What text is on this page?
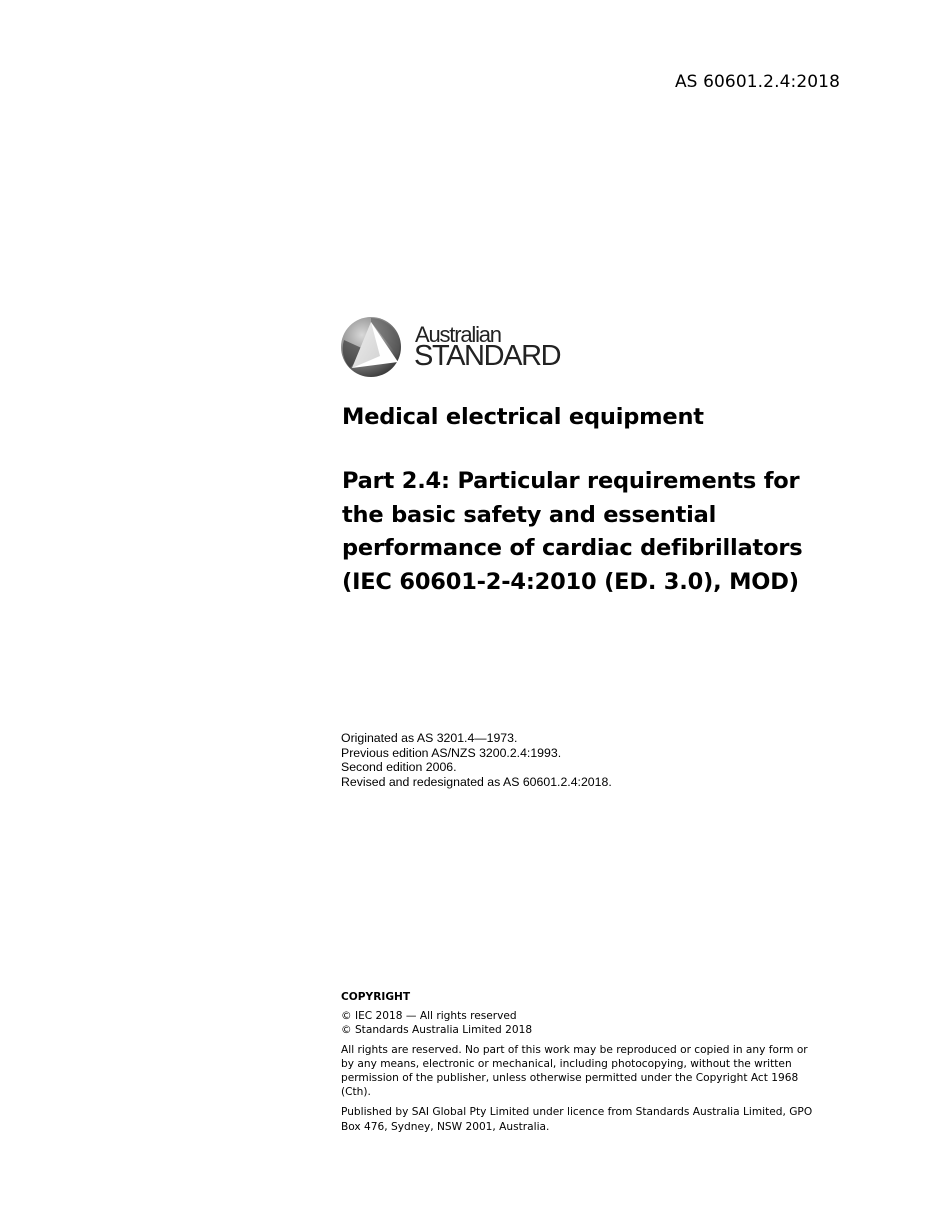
AS 60601.2.4:2018
Australian
STANDARD
Medical electrical equipment
Part 2.4: Particular requirements for the basic safety and essential performance of cardiac defibrillators (IEC 60601-2-4:2010 (ED. 3.0), MOD)
Originated as AS 3201.4—1973.
Previous edition AS/NZS 3200.2.4:1993.
Second edition 2006.
Revised and redesignated as AS 60601.2.4:2018.
COPYRIGHT
© IEC 2018 — All rights reserved
© Standards Australia Limited 2018
All rights are reserved. No part of this work may be reproduced or copied in any form or by any means, electronic or mechanical, including photocopying, without the written permission of the publisher, unless otherwise permitted under the Copyright Act 1968 (Cth).
Published by SAI Global Pty Limited under licence from Standards Australia Limited, GPO Box 476, Sydney, NSW 2001, Australia.
